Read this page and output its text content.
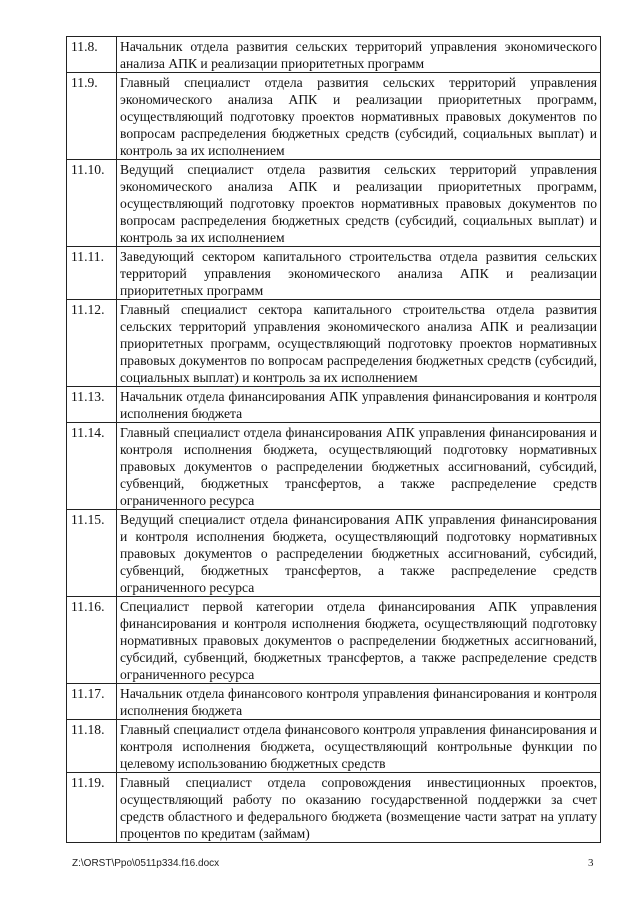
11.8.	Начальник отдела развития сельских территорий управления экономического анализа АПК и реализации приоритетных программ
11.9.	Главный специалист отдела развития сельских территорий управления экономического анализа АПК и реализации приоритетных программ, осуществляющий подготовку проектов нормативных правовых документов по вопросам распределения бюджетных средств (субсидий, социальных выплат) и контроль за их исполнением
11.10.	Ведущий специалист отдела развития сельских территорий управления экономического анализа АПК и реализации приоритетных программ, осуществляющий подготовку проектов нормативных правовых документов по вопросам распределения бюджетных средств (субсидий, социальных выплат) и контроль за их исполнением
11.11.	Заведующий сектором капитального строительства отдела развития сельских территорий управления экономического анализа АПК и реализации приоритетных программ
11.12.	Главный специалист сектора капитального строительства отдела развития сельских территорий управления экономического анализа АПК и реализации приоритетных программ, осуществляющий подготовку проектов нормативных правовых документов по вопросам распределения бюджетных средств (субсидий, социальных выплат) и контроль за их исполнением
11.13.	Начальник отдела финансирования АПК управления финансирования и контроля исполнения бюджета
11.14.	Главный специалист отдела финансирования АПК управления финансирования и контроля исполнения бюджета, осуществляющий подготовку нормативных правовых документов о распределении бюджетных ассигнований, субсидий, субвенций, бюджетных трансфертов, а также распределение средств ограниченного ресурса
11.15.	Ведущий специалист отдела финансирования АПК управления финансирования и контроля исполнения бюджета, осуществляющий подготовку нормативных правовых документов о распределении бюджетных ассигнований, субсидий, субвенций, бюджетных трансфертов, а также распределение средств ограниченного ресурса
11.16.	Специалист первой категории отдела финансирования АПК управления финансирования и контроля исполнения бюджета, осуществляющий подготовку нормативных правовых документов о распределении бюджетных ассигнований, субсидий, субвенций, бюджетных трансфертов, а также распределение средств ограниченного ресурса
11.17.	Начальник отдела финансового контроля управления финансирования и контроля исполнения бюджета
11.18.	Главный специалист отдела финансового контроля управления финансирования и контроля исполнения бюджета, осуществляющий контрольные функции по целевому использованию бюджетных средств
11.19.	Главный специалист отдела сопровождения инвестиционных проектов, осуществляющий работу по оказанию государственной поддержки за счет средств областного и федерального бюджета (возмещение части затрат на уплату процентов по кредитам (займам)
Z:\ORST\Ppo\0511p334.f16.docx	3
